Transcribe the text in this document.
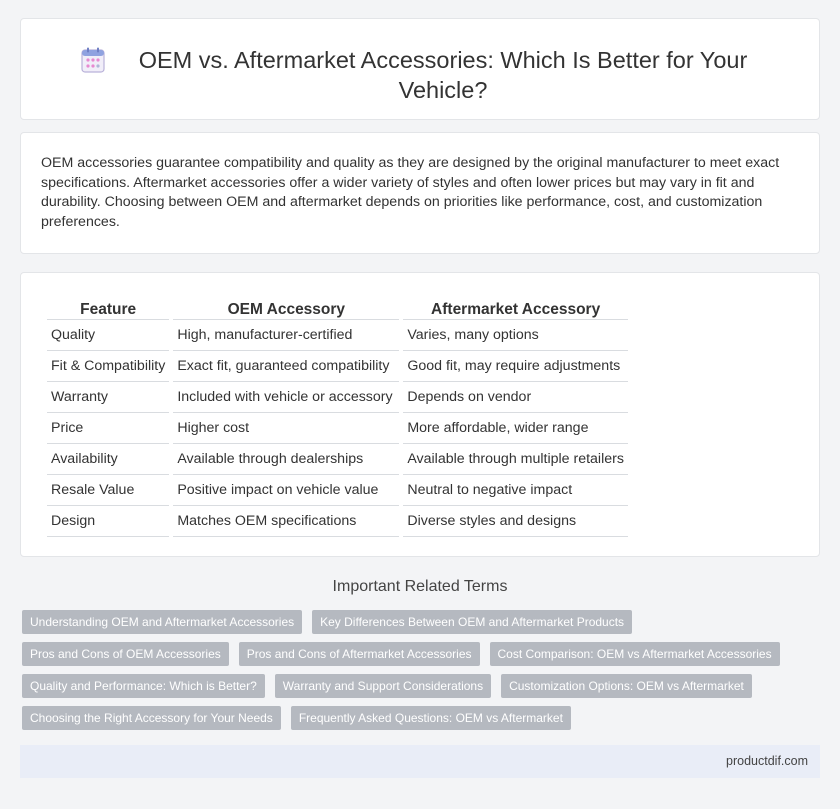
OEM vs. Aftermarket Accessories: Which Is Better for Your Vehicle?

OEM accessories guarantee compatibility and quality as they are designed by the original manufacturer to meet exact specifications. Aftermarket accessories offer a wider variety of styles and often lower prices but may vary in fit and durability. Choosing between OEM and aftermarket depends on priorities like performance, cost, and customization preferences.

Feature	OEM Accessory	Aftermarket Accessory
Quality	High, manufacturer-certified	Varies, many options
Fit & Compatibility	Exact fit, guaranteed compatibility	Good fit, may require adjustments
Warranty	Included with vehicle or accessory	Depends on vendor
Price	Higher cost	More affordable, wider range
Availability	Available through dealerships	Available through multiple retailers
Resale Value	Positive impact on vehicle value	Neutral to negative impact
Design	Matches OEM specifications	Diverse styles and designs
Important Related Terms
Understanding OEM and Aftermarket Accessories	Key Differences Between OEM and Aftermarket Products
Pros and Cons of OEM Accessories	Pros and Cons of Aftermarket Accessories	Cost Comparison: OEM vs Aftermarket Accessories
Quality and Performance: Which is Better?	Warranty and Support Considerations	Customization Options: OEM vs Aftermarket
Choosing the Right Accessory for Your Needs	Frequently Asked Questions: OEM vs Aftermarket
productdif.com
